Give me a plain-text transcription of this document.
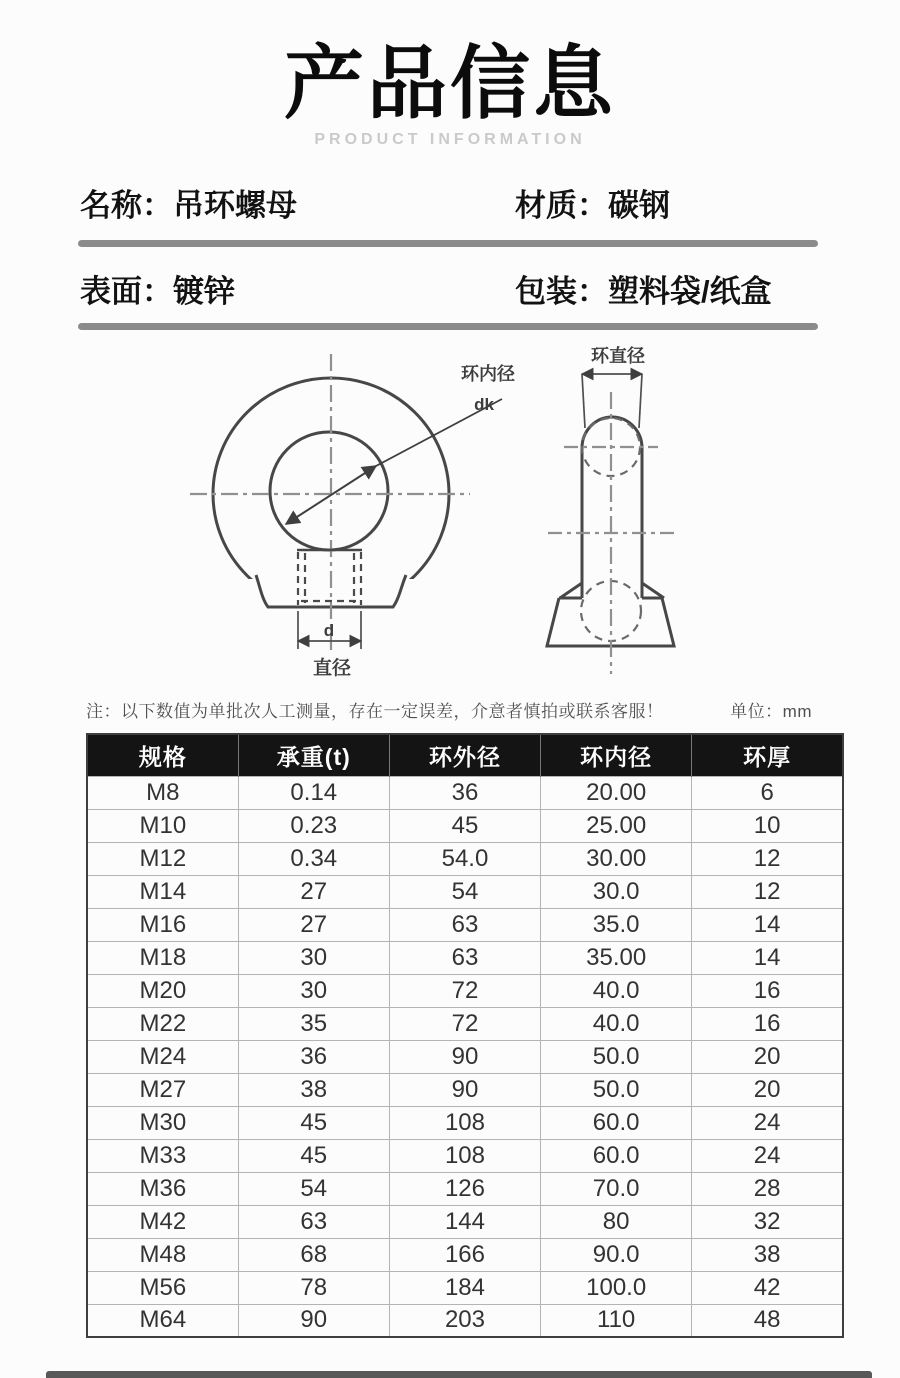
产品信息
PRODUCT INFORMATION
名称：吊环螺母	材质：碳钢
表面：镀锌	包装：塑料袋/纸盒
环内径
dk
d
直径
环直径
注：以下数值为单批次人工测量，存在一定误差，介意者慎拍或联系客服！	单位：mm
规格	承重(t)	环外径	环内径	环厚
M8	0.14	36	20.00	6
M10	0.23	45	25.00	10
M12	0.34	54.0	30.00	12
M14	27	54	30.0	12
M16	27	63	35.0	14
M18	30	63	35.00	14
M20	30	72	40.0	16
M22	35	72	40.0	16
M24	36	90	50.0	20
M27	38	90	50.0	20
M30	45	108	60.0	24
M33	45	108	60.0	24
M36	54	126	70.0	28
M42	63	144	80	32
M48	68	166	90.0	38
M56	78	184	100.0	42
M64	90	203	110	48
